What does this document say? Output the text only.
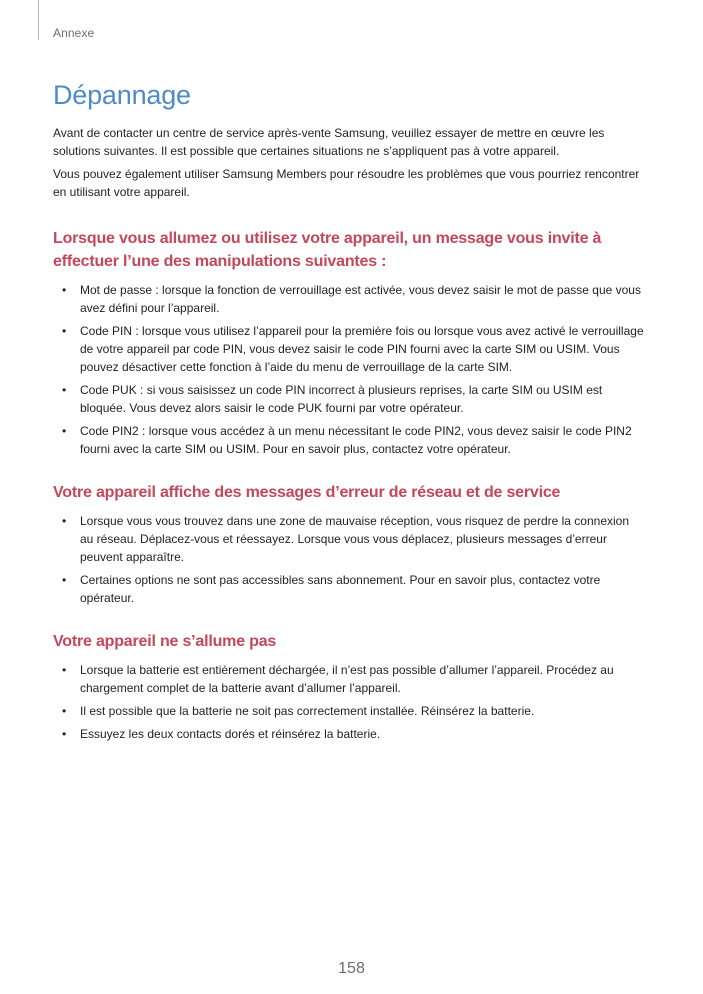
Annexe
Dépannage

Avant de contacter un centre de service après-vente Samsung, veuillez essayer de mettre en œuvre les solutions suivantes. Il est possible que certaines situations ne s’appliquent pas à votre appareil.

Vous pouvez également utiliser Samsung Members pour résoudre les problèmes que vous pourriez rencontrer en utilisant votre appareil.

Lorsque vous allumez ou utilisez votre appareil, un message vous invite à effectuer l’une des manipulations suivantes :
• Mot de passe : lorsque la fonction de verrouillage est activée, vous devez saisir le mot de passe que vous avez défini pour l’appareil.
• Code PIN : lorsque vous utilisez l’appareil pour la première fois ou lorsque vous avez activé le verrouillage de votre appareil par code PIN, vous devez saisir le code PIN fourni avec la carte SIM ou USIM. Vous pouvez désactiver cette fonction à l’aide du menu de verrouillage de la carte SIM.
• Code PUK : si vous saisissez un code PIN incorrect à plusieurs reprises, la carte SIM ou USIM est bloquée. Vous devez alors saisir le code PUK fourni par votre opérateur.
• Code PIN2 : lorsque vous accédez à un menu nécessitant le code PIN2, vous devez saisir le code PIN2 fourni avec la carte SIM ou USIM. Pour en savoir plus, contactez votre opérateur.
Votre appareil affiche des messages d’erreur de réseau et de service
• Lorsque vous vous trouvez dans une zone de mauvaise réception, vous risquez de perdre la connexion au réseau. Déplacez-vous et réessayez. Lorsque vous vous déplacez, plusieurs messages d’erreur peuvent apparaître.
• Certaines options ne sont pas accessibles sans abonnement. Pour en savoir plus, contactez votre opérateur.
Votre appareil ne s’allume pas
• Lorsque la batterie est entièrement déchargée, il n’est pas possible d’allumer l’appareil. Procédez au chargement complet de la batterie avant d’allumer l’appareil.
• Il est possible que la batterie ne soit pas correctement installée. Réinsérez la batterie.
• Essuyez les deux contacts dorés et réinsérez la batterie.
158
